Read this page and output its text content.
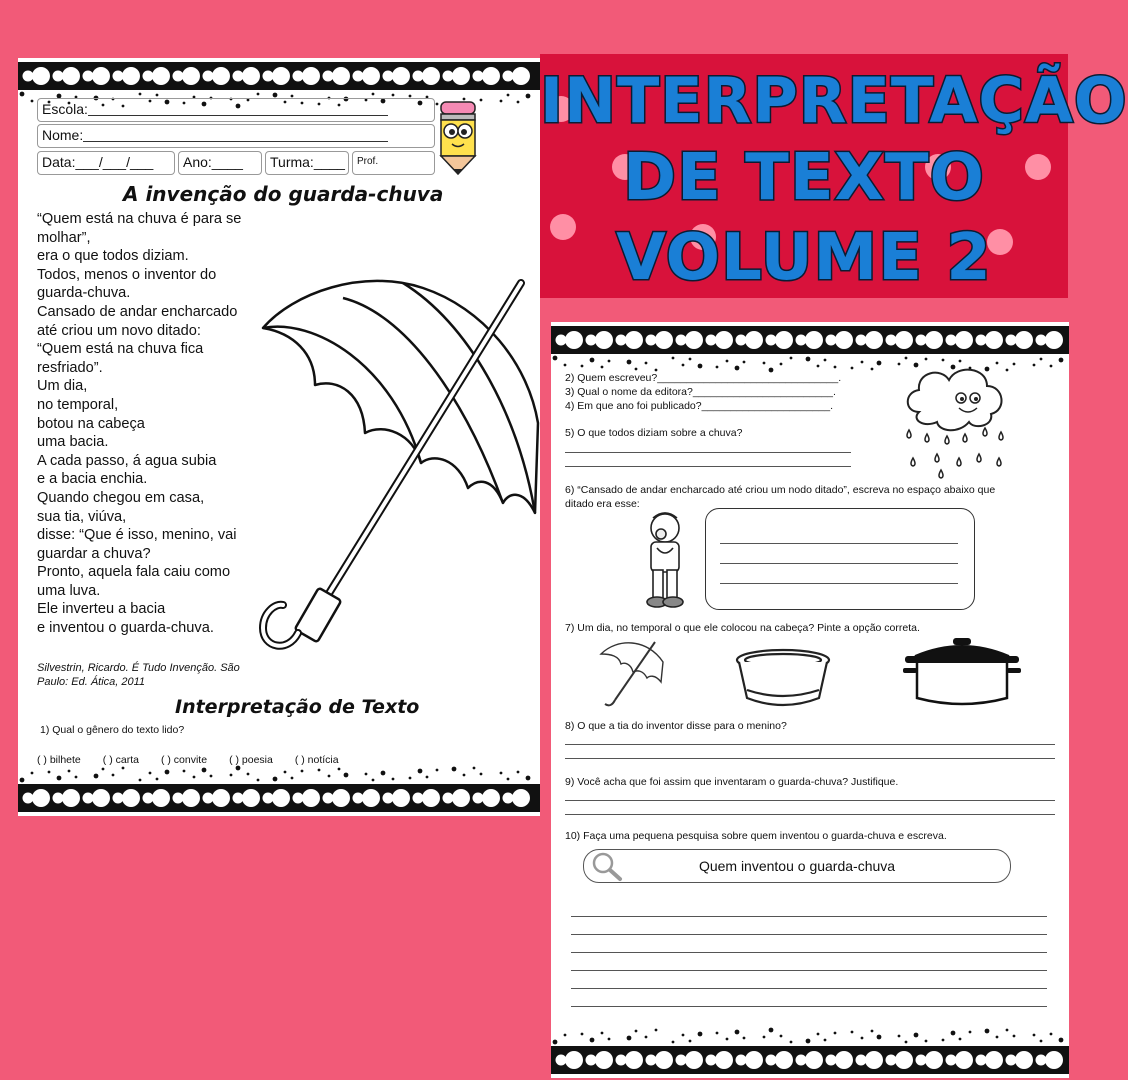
INTERPRETAÇÃO
DE TEXTO
VOLUME 2
Escola:
Nome:
Data:___/___/___	Ano:____	Turma:____	Prof.
A invenção do guarda-chuva
“Quem está na chuva é para se
molhar”,
era o que todos diziam.
Todos, menos o inventor do
guarda-chuva.
Cansado de andar encharcado
até criou um novo ditado:
“Quem está na chuva fica
resfriado”.
Um dia,
no temporal,
botou na cabeça
uma bacia.
A cada passo, á agua subia
e a bacia enchia.
Quando chegou em casa,
sua tia, viúva,
disse: “Que é isso, menino, vai
guardar a chuva?
Pronto, aquela fala caiu como
uma luva.
Ele inverteu a bacia
e inventou o guarda-chuva.
Silvestrin, Ricardo. É Tudo Invenção. São
Paulo: Ed. Ática, 2011
Interpretação de Texto
1) Qual o gênero do texto lido?
( ) bilhete ( ) carta ( ) convite ( ) poesia ( ) notícia
2) Quem escreveu?_______________________________.
3) Qual o nome da editora?________________________.
4) Em que ano foi publicado?______________________.
5) O que todos diziam sobre a chuva?
6) “Cansado de andar encharcado até criou um nodo ditado”, escreva no espaço abaixo que
ditado era esse:
7) Um dia, no temporal o que ele colocou na cabeça? Pinte a opção correta.
8) O que a tia do inventor disse para o menino?
9) Você acha que foi assim que inventaram o guarda-chuva? Justifique.
10) Faça uma pequena pesquisa sobre quem inventou o guarda-chuva e escreva.
Quem inventou o guarda-chuva
